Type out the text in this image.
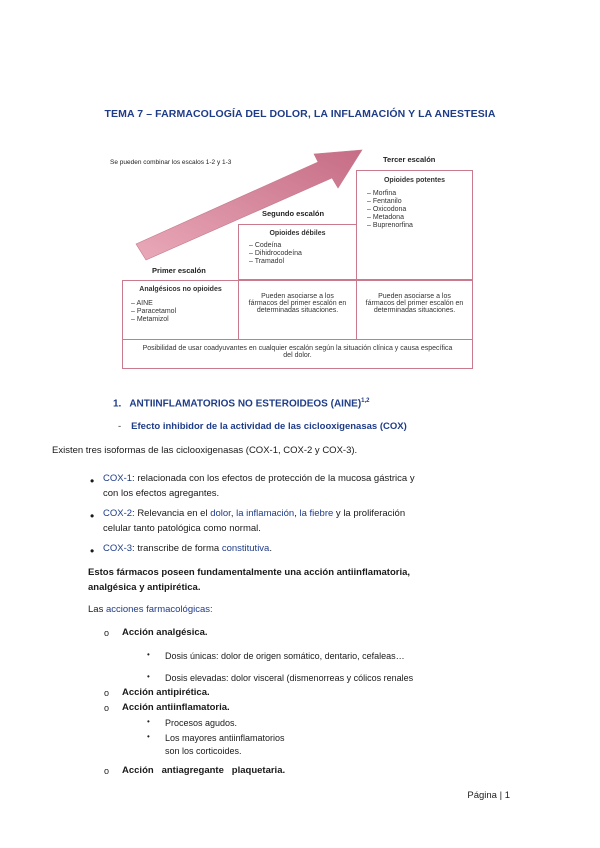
TEMA 7 – FARMACOLOGÍA DEL DOLOR, LA INFLAMACIÓN Y LA ANESTESIA
Se pueden combinar los escalos 1-2 y 1-3	Tercer escalón
Segundo escalón
Primer escalón
Opioides potentes
– Morfina
– Fentanilo
– Oxicodona
– Metadona
– Buprenorfina
Opioides débiles
– Codeína
– Dihidrocodeína
– Tramadol
Analgésicos no opioides
– AINE
– Paracetamol
– Metamizol
Pueden asociarse a los fármacos del primer escalón en determinadas situaciones.
Pueden asociarse a los fármacos del primer escalón en determinadas situaciones.
Posibilidad de usar coadyuvantes en cualquier escalón según la situación clínica y causa específica del dolor.
1. ANTIINFLAMATORIOS NO ESTEROIDEOS (AINE)$^{1,2}$
- Efecto inhibidor de la actividad de las ciclooxigenasas (COX)
Existen tres isoformas de las ciclooxigenasas (COX-1, COX-2 y COX-3).
• COX-1: relacionada con los efectos de protección de la mucosa gástrica y
con los efectos agregantes.
• COX-2: Relevancia en el dolor, la inflamación, la fiebre y la proliferación
celular tanto patológica como normal.
• COX-3: transcribe de forma constitutiva.
Estos fármacos poseen fundamentalmente una acción antiinflamatoria,
analgésica y antipirética.
Las acciones farmacológicas:
o Acción analgésica.
• Dosis únicas: dolor de origen somático, dentario, cefaleas…
• Dosis elevadas: dolor visceral (dismenorreas y cólicos renales
o Acción antipirética.
o Acción antiinflamatoria.
• Procesos agudos.
• Los mayores antiinflamatorios
son los corticoides.
o Acción   antiagregante   plaquetaria.
Página | 1
